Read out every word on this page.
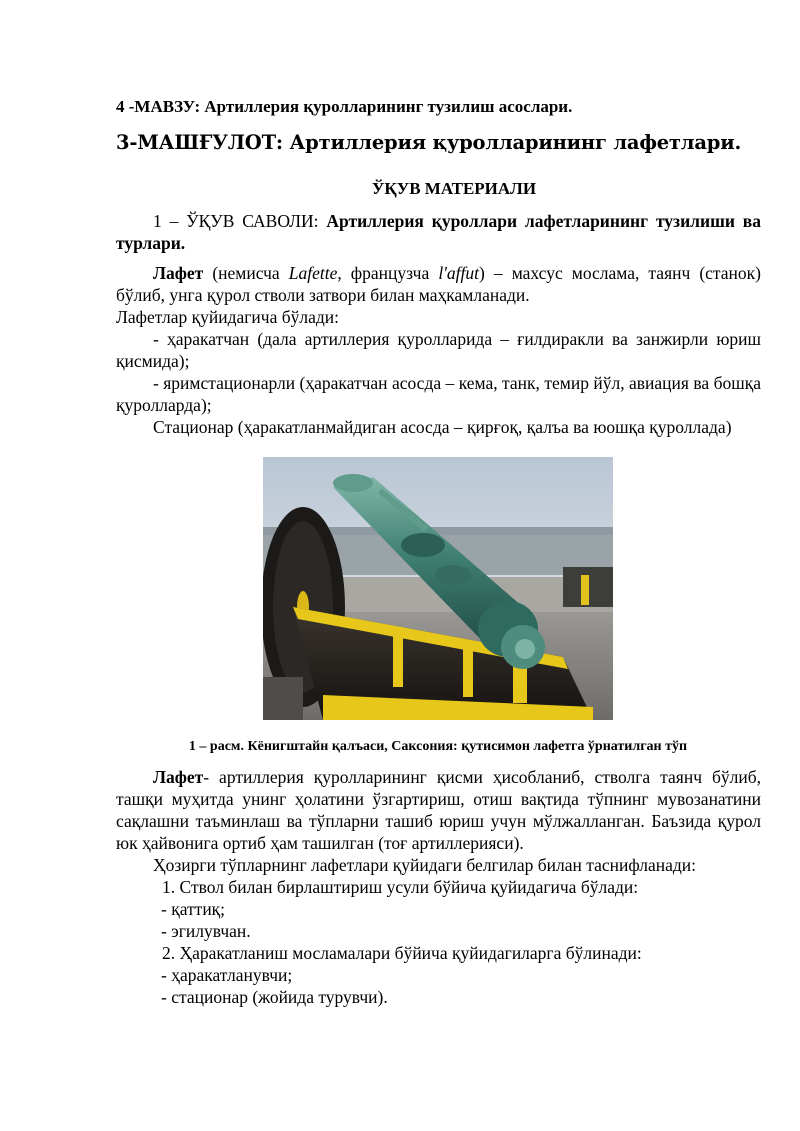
4 -МАВЗУ: Артиллерия қуролларининг тузилиш асослари.
3-МАШҒУЛОТ: Артиллерия қуролларининг лафетлари.
ЎҚУВ МАТЕРИАЛИ

1 – ЎҚУВ САВОЛИ: Артиллерия қуроллари лафетларининг тузилиши ва турлари.

Лафет (немисча Lafette, французча l'affut) – махсус мослама, таянч (станок) бўлиб, унга қурол стволи затвори билан маҳкамланади.

Лафетлар қуйидагича бўлади:

- ҳаракатчан (дала артиллерия қуролларида – ғилдиракли ва занжирли юриш қисмида);

- яримстационарли (ҳаракатчан асосда – кема, танк, темир йўл, авиация ва бошқа қуролларда);

Стационар (ҳаракатланмайдиган асосда – қирғоқ, қалъа ва юошқа қуроллада)

1 – расм. Кёнигштайн қалъаси, Саксония: қутисимон лафетга ўрнатилган тўп

Лафет- артиллерия қуролларининг қисми ҳисобланиб, стволга таянч бўлиб, ташқи муҳитда унинг ҳолатини ўзгартириш, отиш вақтида тўпнинг мувозанатини сақлашни таъминлаш ва тўпларни ташиб юриш учун мўлжалланган. Баъзида қурол юк ҳайвонига ортиб ҳам ташилган (тоғ артиллерияси).

Ҳозирги тўпларнинг лафетлари қуйидаги белгилар билан таснифланади:

1. Ствол билан бирлаштириш усули бўйича қуйидагича бўлади:

- қаттиқ;

- эгилувчан.

2. Ҳаракатланиш мосламалари бўйича қуйидагиларга бўлинади:

- ҳаракатланувчи;

- стационар (жойида турувчи).
